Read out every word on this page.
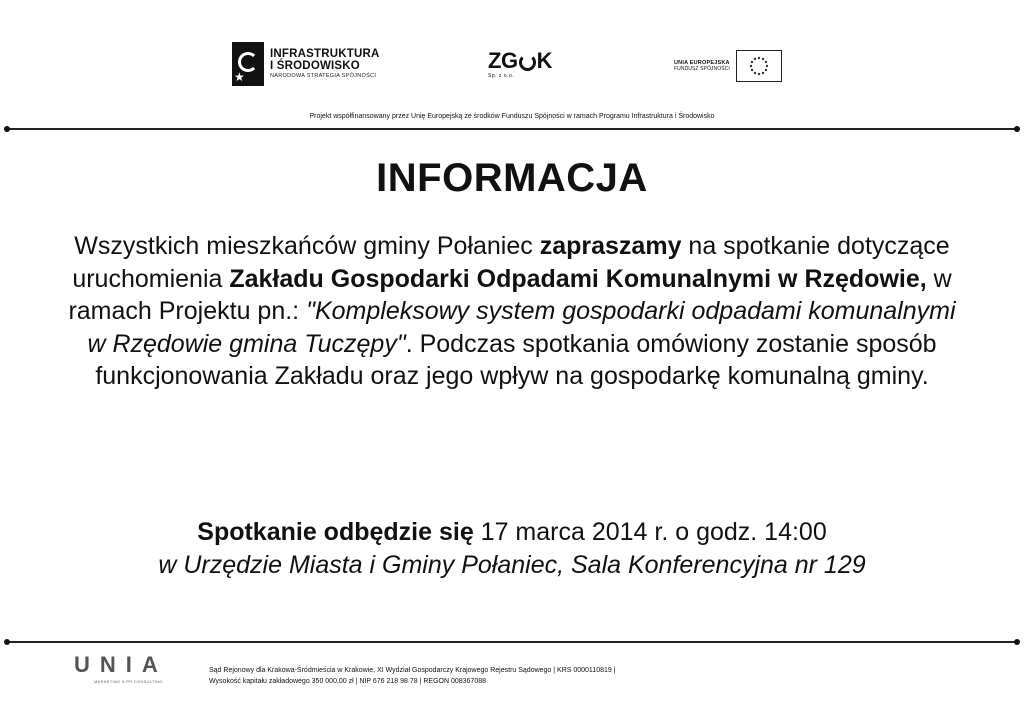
★
INFRASTRUKTURA
I ŚRODOWISKO
NARODOWA STRATEGIA SPÓJNOŚCI
ZG K
Sp. z o.o.
UNIA EUROPEJSKA
FUNDUSZ SPÓJNOŚCI
Projekt współfinansowany przez Unię Europejską ze środków Funduszu Spójności w ramach Programu Infrastruktura i Środowisko
INFORMACJA
Wszystkich mieszkańców gminy Połaniec zapraszamy na spotkanie dotyczące uruchomienia Zakładu Gospodarki Odpadami Komunalnymi w Rzędowie, w ramach Projektu pn.: "Kompleksowy system gospodarki odpadami komunalnymi w Rzędowie gmina Tuczępy". Podczas spotkania omówiony zostanie sposób funkcjonowania Zakładu oraz jego wpływ na gospodarkę komunalną gminy.
Spotkanie odbędzie się 17 marca 2014 r. o godz. 14:00
w Urzędzie Miasta i Gminy Połaniec, Sala Konferencyjna nr 129
UNIA
MARKETING & PR CONSULTING
Sąd Rejonowy dla Krakowa-Śródmieścia w Krakowie, XI Wydział Gospodarczy Krajowego Rejestru Sądowego | KRS 0000110819 |
Wysokość kapitału zakładowego 350 000,00 zł | NIP 676 218 98 78 | REGON 008367088
